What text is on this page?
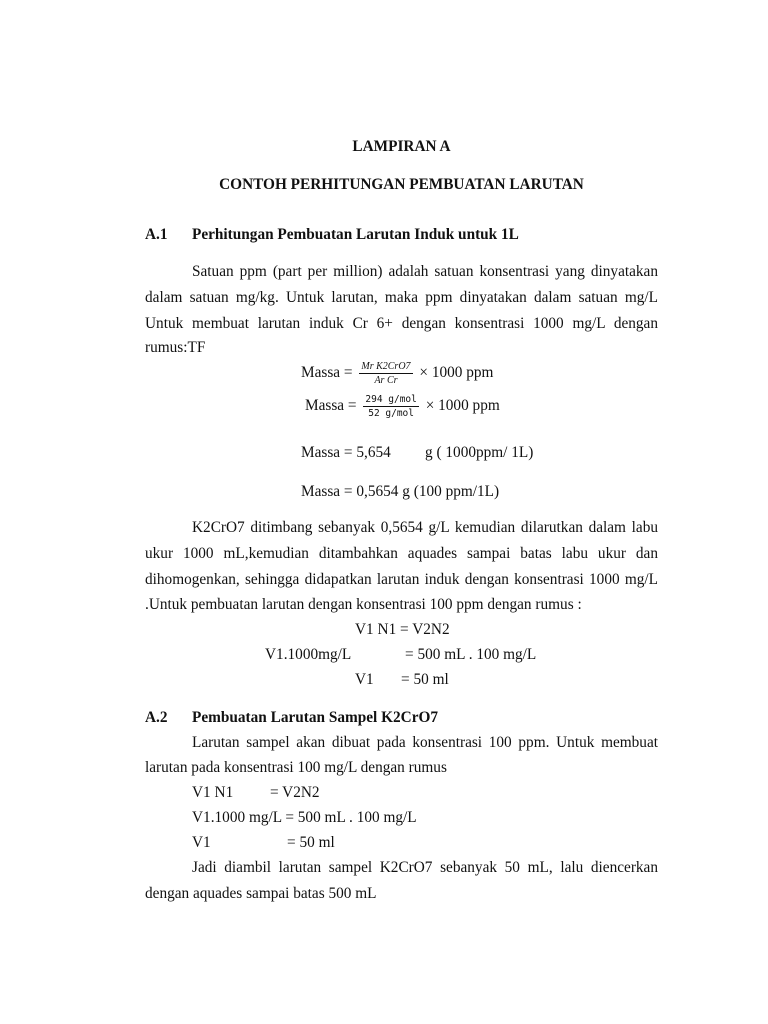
LAMPIRAN A
CONTOH PERHITUNGAN PEMBUATAN LARUTAN
A.1 Perhitungan Pembuatan Larutan Induk untuk 1L
Satuan ppm (part per million) adalah satuan konsentrasi yang dinyatakan
dalam satuan mg/kg. Untuk larutan, maka ppm dinyatakan dalam satuan mg/L
Untuk membuat larutan induk Cr 6+ dengan konsentrasi 1000 mg/L dengan
rumus:TF
Massa = $\frac{\text{Mr K2CrO7}}{\text{Ar Cr}} \times 1000$ ppm
Massa = $\frac{\text{294 g/mol}}{\text{52 g/mol}} \times 1000$ ppm
Massa = 5,654 g ( 1000ppm/ 1L)
Massa = 0,5654 g (100 ppm/1L)
K2CrO7 ditimbang sebanyak 0,5654 g/L kemudian dilarutkan dalam labu
ukur 1000 mL,kemudian ditambahkan aquades sampai batas labu ukur dan
dihomogenkan, sehingga didapatkan larutan induk dengan konsentrasi 1000 mg/L
.Untuk pembuatan larutan dengan konsentrasi 100 ppm dengan rumus :
V1 N1 = V2N2
V1.1000mg/L	= 500 mL . 100 mg/L
V1 = 50 ml
A.2 Pembuatan Larutan Sampel K2CrO7
Larutan sampel akan dibuat pada konsentrasi 100 ppm. Untuk membuat
larutan pada konsentrasi 100 mg/L dengan rumus
V1 N1 = V2N2
V1.1000 mg/L = 500 mL . 100 mg/L
V1	= 50 ml
Jadi diambil larutan sampel K2CrO7 sebanyak 50 mL, lalu diencerkan
dengan aquades sampai batas 500 mL
